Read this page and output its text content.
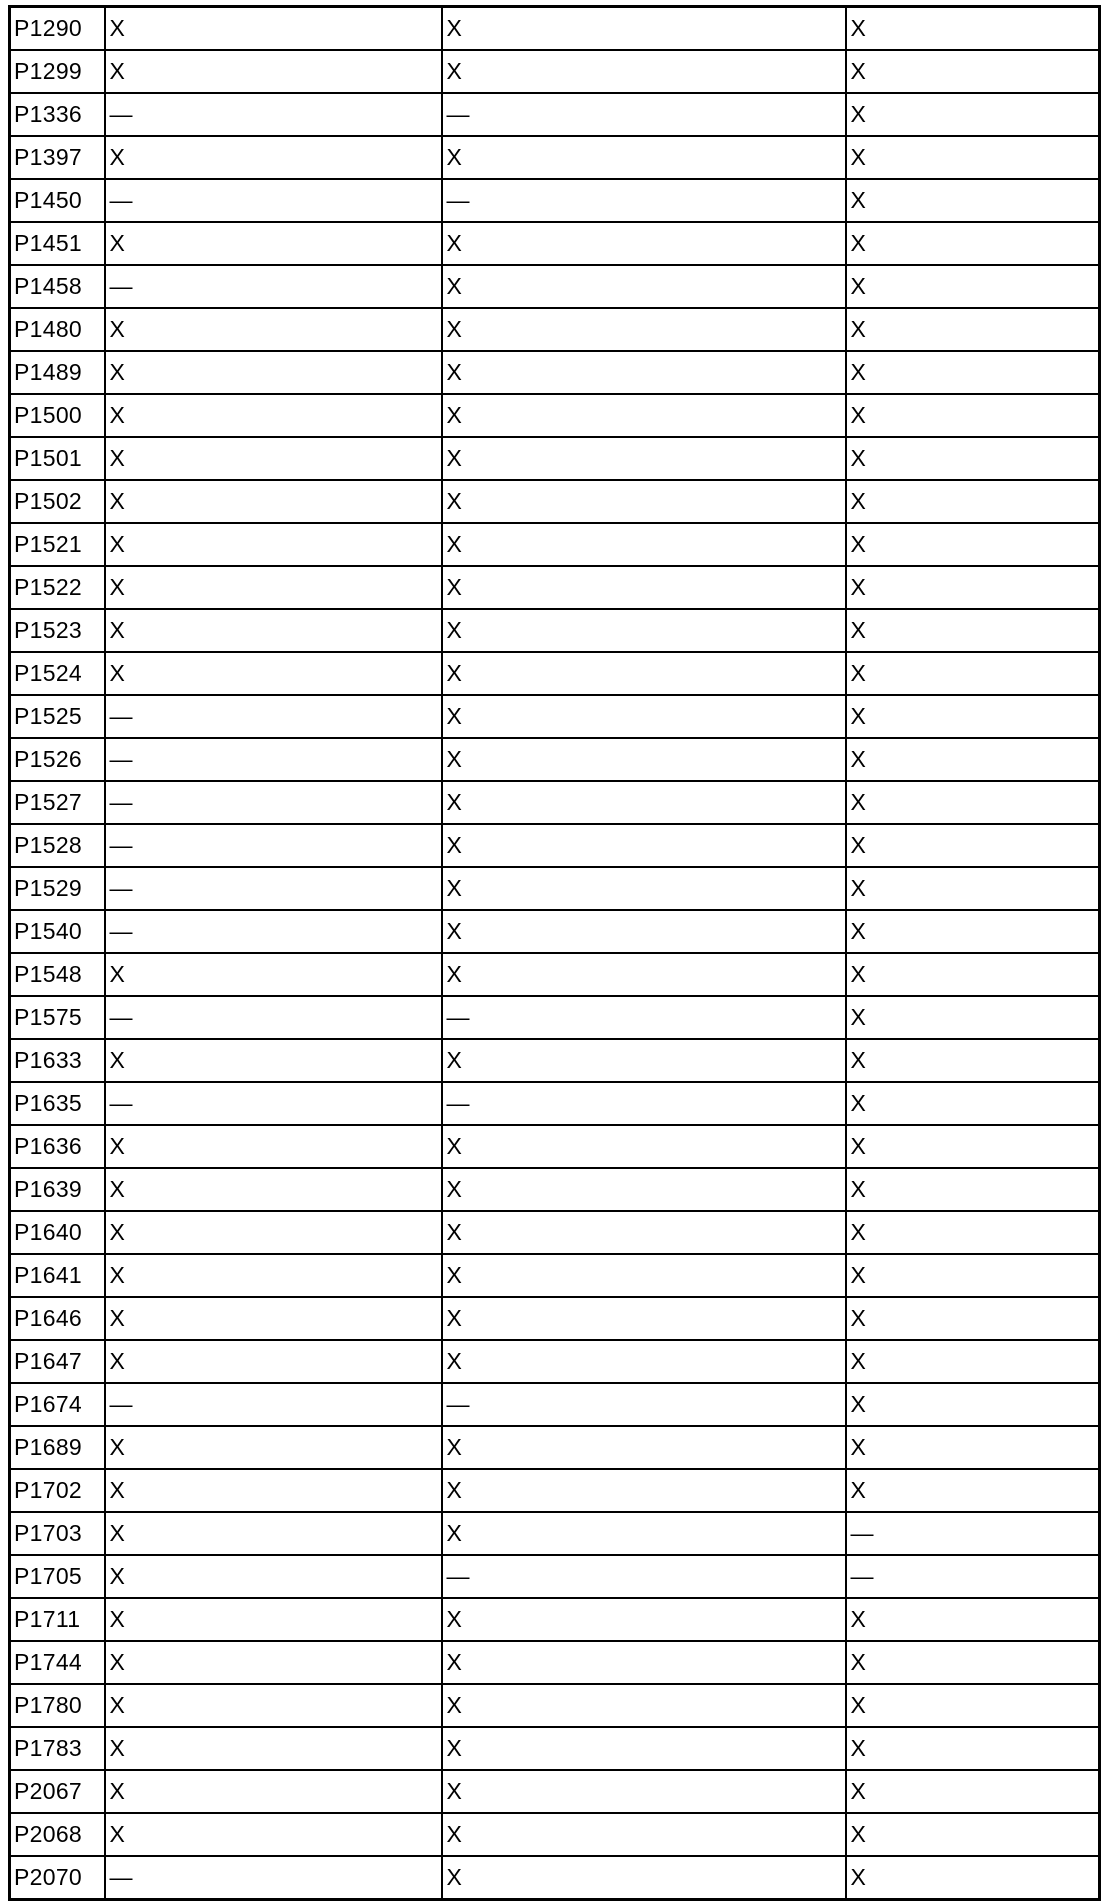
P1290	X	X	X
P1299	X	X	X
P1336	—	—	X
P1397	X	X	X
P1450	—	—	X
P1451	X	X	X
P1458	—	X	X
P1480	X	X	X
P1489	X	X	X
P1500	X	X	X
P1501	X	X	X
P1502	X	X	X
P1521	X	X	X
P1522	X	X	X
P1523	X	X	X
P1524	X	X	X
P1525	—	X	X
P1526	—	X	X
P1527	—	X	X
P1528	—	X	X
P1529	—	X	X
P1540	—	X	X
P1548	X	X	X
P1575	—	—	X
P1633	X	X	X
P1635	—	—	X
P1636	X	X	X
P1639	X	X	X
P1640	X	X	X
P1641	X	X	X
P1646	X	X	X
P1647	X	X	X
P1674	—	—	X
P1689	X	X	X
P1702	X	X	X
P1703	X	X	—
P1705	X	—	—
P1711	X	X	X
P1744	X	X	X
P1780	X	X	X
P1783	X	X	X
P2067	X	X	X
P2068	X	X	X
P2070	—	X	X
